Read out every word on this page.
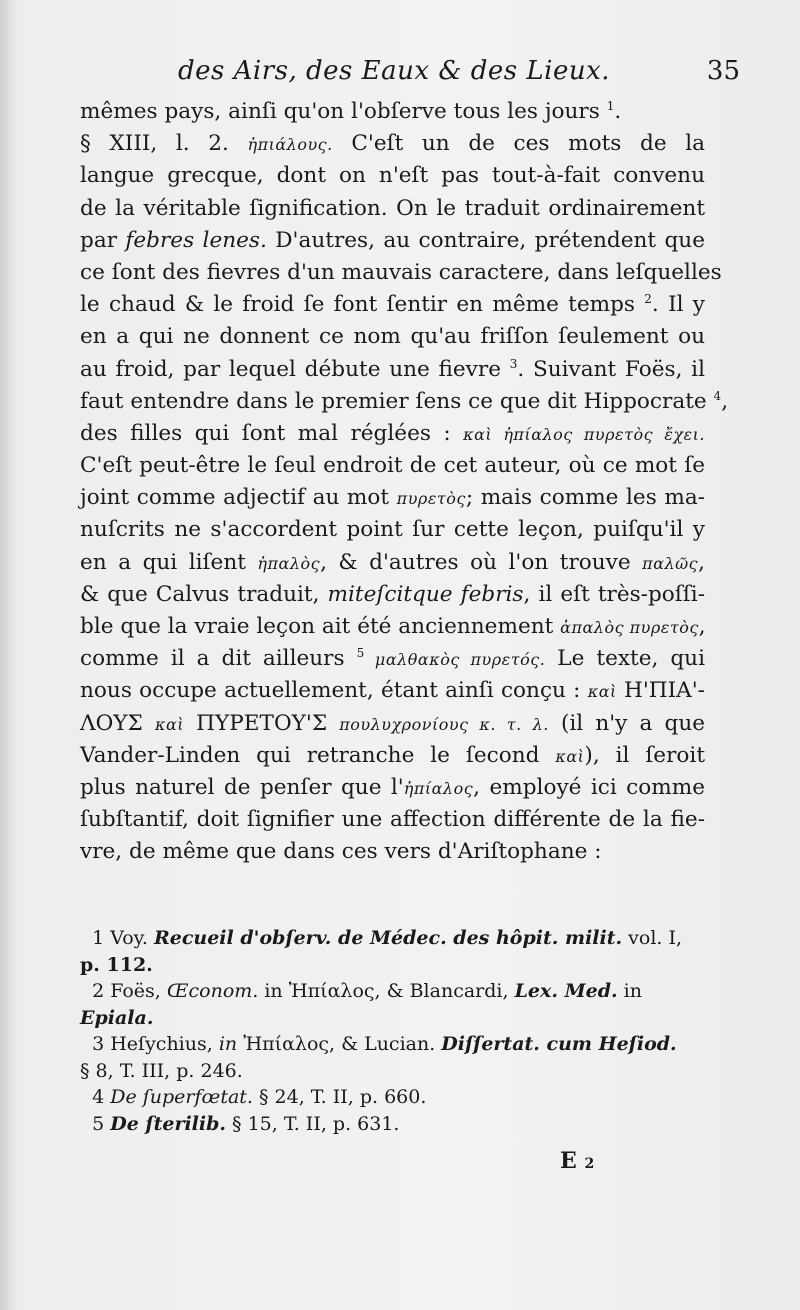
des Airs, des Eaux & des Lieux.	35
mêmes pays, ainſi qu'on l'obſerve tous les jours $^1$.
§ XIII, l. 2. ἠπιάλους. C'eſt un de ces mots de la
langue grecque, dont on n'eſt pas tout-à-fait convenu
de la véritable ſignification. On le traduit ordinairement
par febres lenes. D'autres, au contraire, prétendent que
ce ſont des fievres d'un mauvais caractere, dans leſquelles
le chaud & le froid ſe font ſentir en même temps $^2$. Il y
en a qui ne donnent ce nom qu'au friſſon ſeulement ou
au froid, par lequel débute une fievre $^3$. Suivant Foës, il
faut entendre dans le premier ſens ce que dit Hippocrate $^4$,
des filles qui ſont mal réglées : καὶ ἠπίαλος πυρετὸς ἔχει.
C'eſt peut-être le ſeul endroit de cet auteur, où ce mot ſe
joint comme adjectif au mot πυρετὸς; mais comme les ma-
nuſcrits ne s'accordent point ſur cette leçon, puiſqu'il y
en a qui liſent ἠπαλὸς, & d'autres où l'on trouve παλῶς,
& que Calvus traduit, miteſcitque febris, il eſt très-poſſi-
ble que la vraie leçon ait été anciennement ἀπαλὸς πυρετὸς,
comme il a dit ailleurs $^5$ μαλθακὸς πυρετός. Le texte, qui
nous occupe actuellement, étant ainſi conçu : καὶ Η'ΠΙΑ'-
ΛΟΥΣ καὶ ΠΥΡΕΤΟΥ'Σ πουλυχρονίους κ. τ. λ. (il n'y a que
Vander-Linden qui retranche le ſecond καὶ), il ſeroit
plus naturel de penſer que l'ἠπίαλος, employé ici comme
ſubſtantif, doit ſignifier une affection différente de la fie-
vre, de même que dans ces vers d'Ariſtophane :
1 Voy. Recueil d'obſerv. de Médec. des hôpit. milit. vol. I,
p. 112.
2 Foës, Œconom. in Ἠπίαλος, & Blancardi, Lex. Med. in
Epiala.
3 Heſychius, in Ἠπίαλος, & Lucian. Diſſertat. cum Heſiod.
§ 8, T. III, p. 246.
4 De ſuperfœtat. § 24, T. II, p. 660.
5 De ſterilib. § 15, T. II, p. 631.
E 2
